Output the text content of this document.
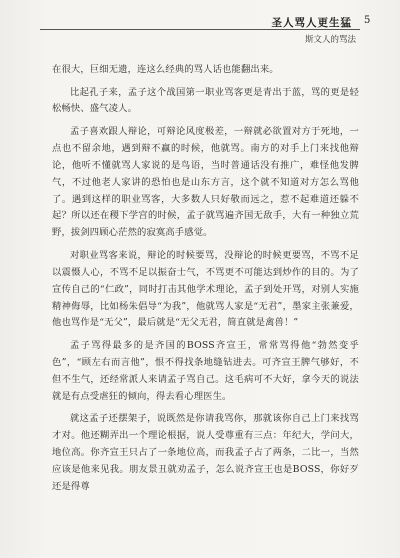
圣人骂人更生猛
斯文人的骂法
5

在很大，巨细无遗，连这么经典的骂人话也能翻出来。

比起孔子来，孟子这个战国第一职业骂客更是青出于蓝，骂的更是轻松畅快、盛气凌人。

孟子喜欢跟人辩论，可辩论风度极差，一辩就必欲置对方于死地，一点也不留余地，遇到辩不赢的时候，他就骂。南方的对手上门来找他辩论，他听不懂就骂人家说的是鸟语，当时普通话没有推广，难怪他发脾气，不过他老人家讲的恐怕也是山东方言，这个就不知道对方怎么骂他了。遇到这样的职业骂客，大多数人只好敬而远之，惹不起难道还躲不起？所以还在稷下学宫的时候，孟子就骂遍齐国无敌手，大有一种独立荒野，拔剑四顾心茫然的寂寞高手感觉。

对职业骂客来说，辩论的时候要骂，没辩论的时候更要骂，不骂不足以震慑人心，不骂不足以振奋士气，不骂更不可能达到炒作的目的。为了宣传自己的“仁政”，同时打击其他学术理论，孟子到处开骂，对别人实施精神侮辱，比如杨朱倡导“为我”，他就骂人家是“无君”，墨家主张兼爱，他也骂作是“无父”，最后就是“无父无君，简直就是禽兽！”

孟子骂得最多的是齐国的BOSS齐宣王，常常骂得他“勃然变乎色”，“顾左右而言他”，恨不得找条地缝钻进去。可齐宣王脾气够好，不但不生气，还经常派人来请孟子骂自己。这毛病可不大好，拿今天的说法就是有点受虐狂的倾向，得去看心理医生。

就这孟子还摆架子，说既然是你请我骂你，那就该你自己上门来找骂才对。他还糊弄出一个理论根据，说人受尊重有三点：年纪大，学问大，地位高。你齐宣王只占了一条地位高，而我孟子占了两条，二比一，当然应该是他来见我。朋友景丑就劝孟子，怎么说齐宣王也是BOSS，你好歹还是得尊
